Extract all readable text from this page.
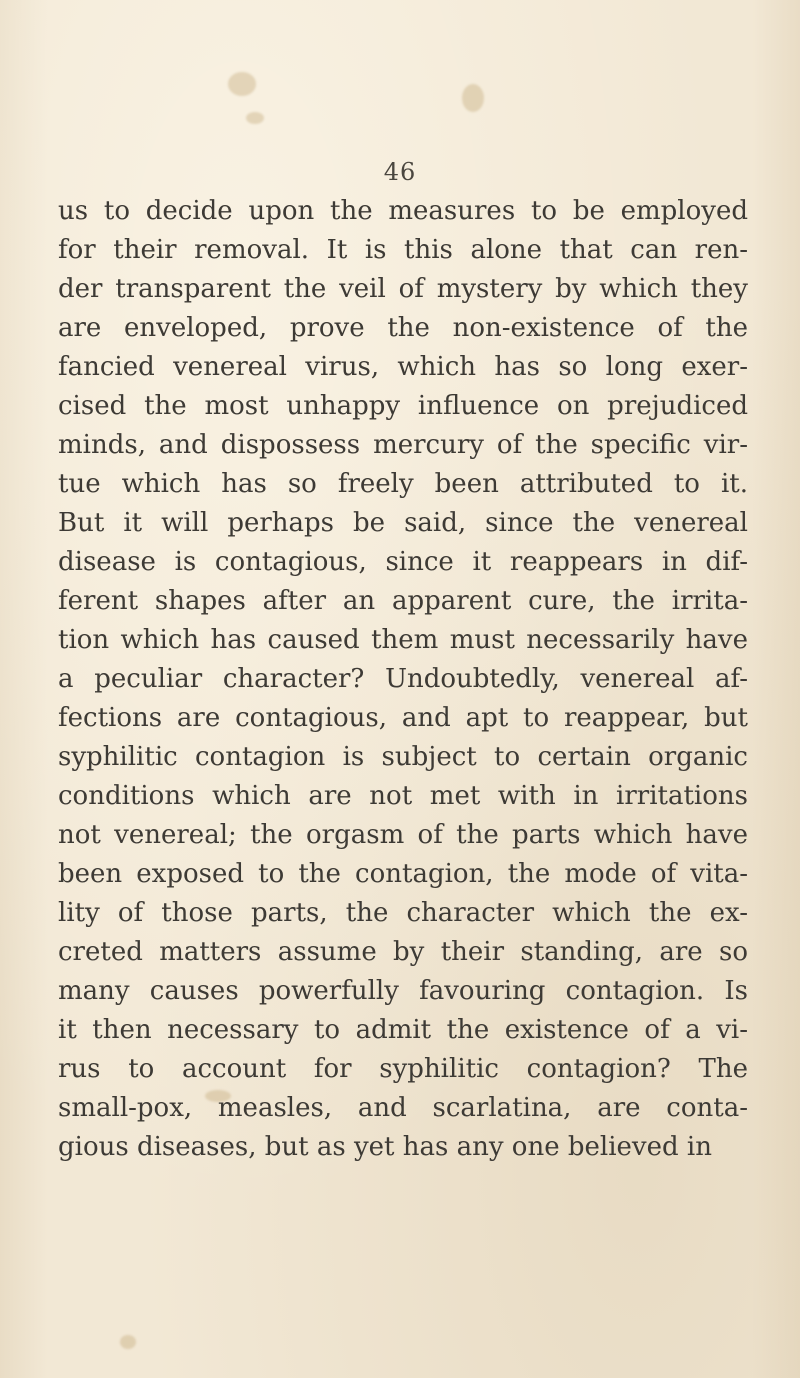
46
us to decide upon the measures to be employed
for their removal. It is this alone that can ren-
der transparent the veil of mystery by which they
are enveloped, prove the non-existence of the
fancied venereal virus, which has so long exer-
cised the most unhappy influence on prejudiced
minds, and dispossess mercury of the specific vir-
tue which has so freely been attributed to it.
But it will perhaps be said, since the venereal
disease is contagious, since it reappears in dif-
ferent shapes after an apparent cure, the irrita-
tion which has caused them must necessarily have
a peculiar character? Undoubtedly, venereal af-
fections are contagious, and apt to reappear, but
syphilitic contagion is subject to certain organic
conditions which are not met with in irritations
not venereal; the orgasm of the parts which have
been exposed to the contagion, the mode of vita-
lity of those parts, the character which the ex-
creted matters assume by their standing, are so
many causes powerfully favouring contagion. Is
it then necessary to admit the existence of a vi-
rus to account for syphilitic contagion? The
small-pox, measles, and scarlatina, are conta-
gious diseases, but as yet has any one believed in
